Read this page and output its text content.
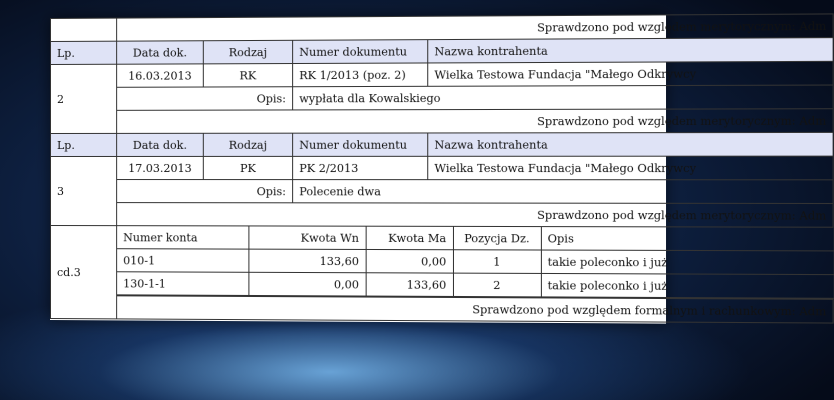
	Sprawdzono pod względem merytorycznym: Adm
Lp.	Data dok.	Rodzaj	Numer dokumentu	Nazwa kontrahenta
2	16.03.2013	RK	RK 1/2013 (poz. 2)	Wielka Testowa Fundacja "Małego Odkrywcy
Opis:	wypłata dla Kowalskiego
Sprawdzono pod względem merytorycznym: Adm
Lp.	Data dok.	Rodzaj	Numer dokumentu	Nazwa kontrahenta
3	17.03.2013	PK	PK 2/2013	Wielka Testowa Fundacja "Małego Odkrywcy
Opis:	Polecenie dwa
Sprawdzono pod względem merytorycznym: Adm
cd.3	
Numer konta	Kwota Wn	Kwota Ma	Pozycja Dz.	Opis
010-1	133,60	0,00	1	takie poleconko i już
130-1-1	0,00	133,60	2	takie poleconko i już

Sprawdzono pod względem formalnym i rachunkowym: Adm
